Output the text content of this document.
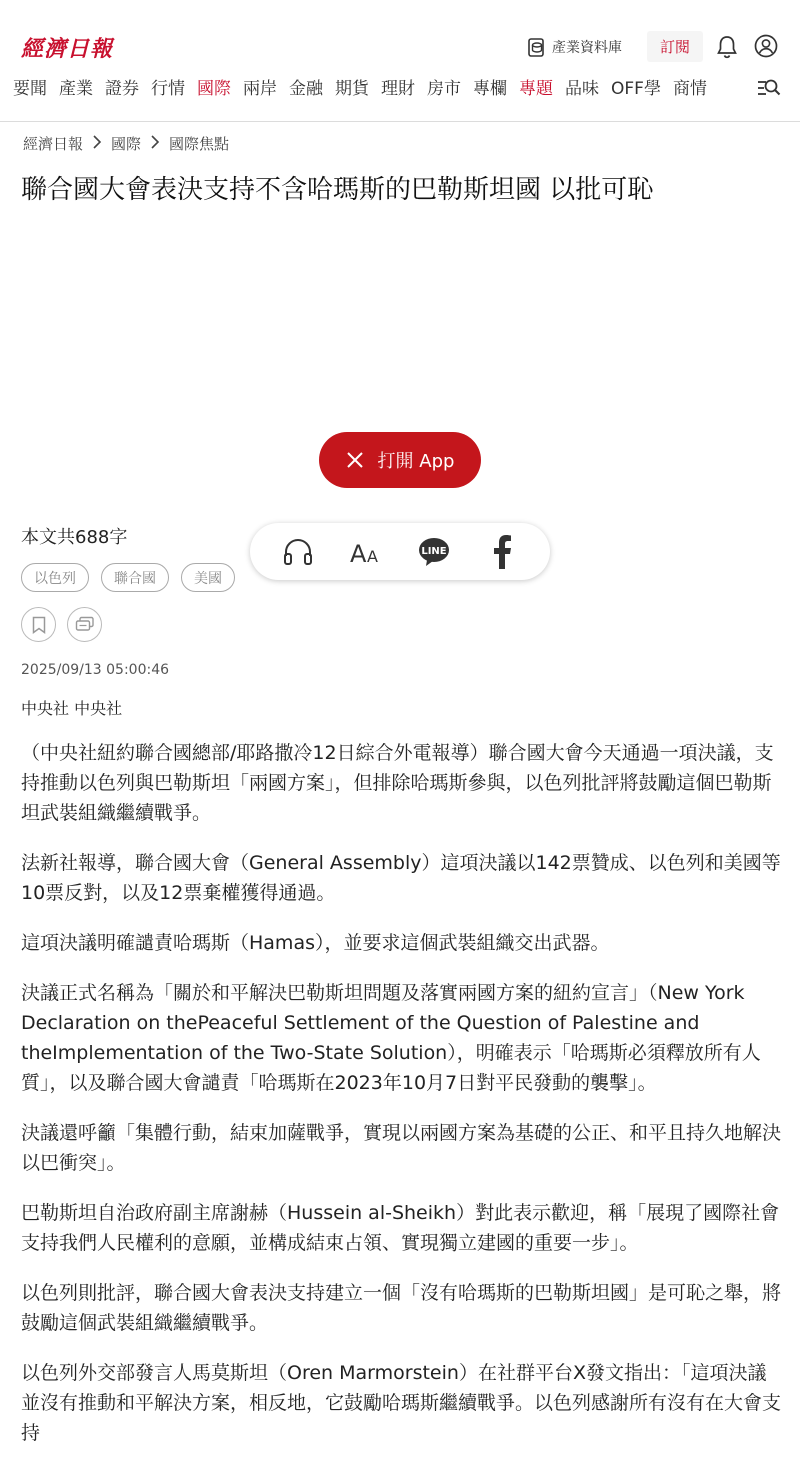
經濟日報	產業資料庫	訂閱
要聞 產業 證券 行情 國際 兩岸 金融 期貨 理財 房市 專欄 專題 品味 OFF學 商情
經濟日報 國際 國際焦點
聯合國大會表決支持不含哈瑪斯的巴勒斯坦國 以批可恥
打開 App
本文共688字
A A	LINE
以色列	聯合國	美國
2025/09/13 05:00:46
中央社 中央社

（中央社紐約聯合國總部/耶路撒冷12日綜合外電報導）聯合國大會今天通過一項決議，支持推動以色列與巴勒斯坦「兩國方案」，但排除哈瑪斯參與，以色列批評將鼓勵這個巴勒斯坦武裝組織繼續戰爭。

法新社報導，聯合國大會（General Assembly）這項決議以142票贊成、以色列和美國等10票反對，以及12票棄權獲得通過。

這項決議明確譴責哈瑪斯（Hamas），並要求這個武裝組織交出武器。

決議正式名稱為「關於和平解決巴勒斯坦問題及落實兩國方案的紐約宣言」（New York Declaration on thePeaceful Settlement of the Question of Palestine and theImplementation of the Two-State Solution），明確表示「哈瑪斯必須釋放所有人質」，以及聯合國大會譴責「哈瑪斯在2023年10月7日對平民發動的襲擊」。

決議還呼籲「集體行動，結束加薩戰爭，實現以兩國方案為基礎的公正、和平且持久地解決以巴衝突」。

巴勒斯坦自治政府副主席謝赫（Hussein al-Sheikh）對此表示歡迎，稱「展現了國際社會支持我們人民權利的意願，並構成結束占領、實現獨立建國的重要一步」。

以色列則批評，聯合國大會表決支持建立一個「沒有哈瑪斯的巴勒斯坦國」是可恥之舉，將鼓勵這個武裝組織繼續戰爭。

以色列外交部發言人馬莫斯坦（Oren Marmorstein）在社群平台X發文指出：「這項決議並沒有推動和平解決方案，相反地，它鼓勵哈瑪斯繼續戰爭。以色列感謝所有沒有在大會支持
